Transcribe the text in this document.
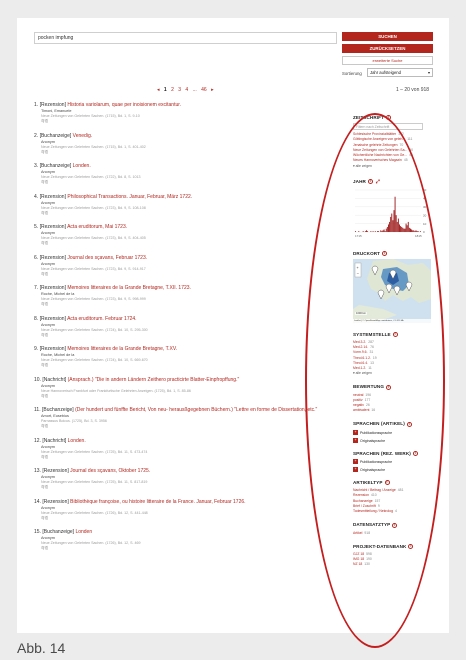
pocken impfung	SUCHEN
ZURÜCKSETZEN
erweiterte Suche
Sortierung	Jahr aufsteigend	▾
◂ 1 2 3 4 ... 46 ▸	1 – 20 von 918
1. [Rezension] Historia variolarum, quae per inoisionem excitantur.
Timoni, Emanuele
Neue Zeitungen von Gelehrten Sachen. (1715), Bd. 1, S. 9-10
弯语
2. [Buchanzeige] Venedig.
Anonym
Neue Zeitungen von Gelehrten Sachen. (1715), Bd. 1, S. 401-402
弯语
3. [Buchanzeige] Londen.
Anonym
Neue Zeitungen von Gelehrten Sachen. (1722), Bd. 8, S. 1013
弯语
4. [Rezension] Philosophical Transactions. Januar, Februar, März 1722.
Anonym
Neue Zeitungen von Gelehrten Sachen. (1723), Bd. 9, S. 108-108
弯语
5. [Rezension] Acta eruditorum, Mai 1723.
Anonym
Neue Zeitungen von Gelehrten Sachen. (1723), Bd. 9, S. 404-405
弯语
6. [Rezension] Journal des sçavans, Februar 1723.
Anonym
Neue Zeitungen von Gelehrten Sachen. (1723), Bd. 9, S. 914-917
弯语
7. [Rezension] Memoires litteraires de la Grande Bretagne, T.XII. 1723.
Roche, Michel de la
Neue Zeitungen von Gelehrten Sachen. (1723), Bd. 9, S. 998-999
弯语
8. [Rezension] Acta eruditorum. Februar 1724.
Anonym
Neue Zeitungen von Gelehrten Sachen. (1724), Bd. 10, S. 295-300
弯语
9. [Rezension] Memoires litteraires de la Grande Bretagne, T.XV.
Roche, Michel de la
Neue Zeitungen von Gelehrten Sachen. (1724), Bd. 10, S. 669-670
弯语
10. [Nachricht] (Ansprach.) "Die in andern Ländern Zeithero practicirte Blatter-Einpfropffung."
Anonym
Neue Hannoverisch Frankfurt oder Frankfurtische Gelehrten Anzeigen. (1725), Bd. 1, S. 85-86
弯语
11. [Buchanzeige] (Der hundert und fünffte Bericht, Von neu- herausßgegebnen Büchern.) "Lettre en forme de Dissertation, etc."
Amort, Eusebius
Parnassus Boicus. (1725), Bd. 3, S. 3956
弯语
12. [Nachricht] Londen.
Anonym
Neue Zeitungen von Gelehrten Sachen. (1725), Bd. 11, S. 473-474
弯语
13. [Rezension] Journal des sçavans, Oktober 1725.
Anonym
Neue Zeitungen von Gelehrten Sachen. (1725), Bd. 11, S. 817-819
弯语
14. [Rezension] Bibliothèque françoise, ou histoire litteraire de la France. Januar, Februar 1726.
Anonym
Neue Zeitungen von Gelehrten Sachen. (1726), Bd. 12, S. 441-448
弯语
15. [Buchanzeige] Londen
Anonym
Neue Zeitungen von Gelehrten Sachen. (1726), Bd. 12, S. 469
弯语
ZEITSCHRIFT i
Filtern nach Zeitschrift
Schlesische Provinzialblätter 172
Göttingische Anzeigen von geleh... 111
Jenaische gelehrte Zeitungen 70
Neue Zeitungen von Gelehrten Sa... 60
Wöchentliche Nachrichten von Ge... 46
Neues Hannoverisches Magazin 45
▾ alle zeigen
JAHR i ⤢
50
40
30
20
10
0
1715	1815
DRUCKORT i
+
−
1000 km
Leaflet | © OpenStreetMap contributors, CC-BY-SA
SYSTEMSTELLE i
Med.3.2. 287
Med.2.14. 76
Vorm.9.6. 31
Theol.6.1.2. 19
Theol.6.4. 13
Med.1.2. 11
▾ alle zeigen
BEWERTUNG i
neutral 196
positiv 177
negativ 26
ambivalent 16
SPRACHEN (ARTIKEL) i
+ Publikationssprache
+ Originalsprache
SPRACHEN (REZ. WERK) i
+ Publikationssprache
+ Originalsprache
ARTIKELTYP i
Nachricht / Beitrag / Anzeige 481
Rezension 410
Buchanzeige 157
Brief / Zuschrift 9
Todesmitteilung / Nekrolog 4
DATENSATZTYP i
Artikel 918
PROJEKT-DATENBANK i
GJZ 18 598
IMG 18 190
NZ 18 130
Abb. 14
